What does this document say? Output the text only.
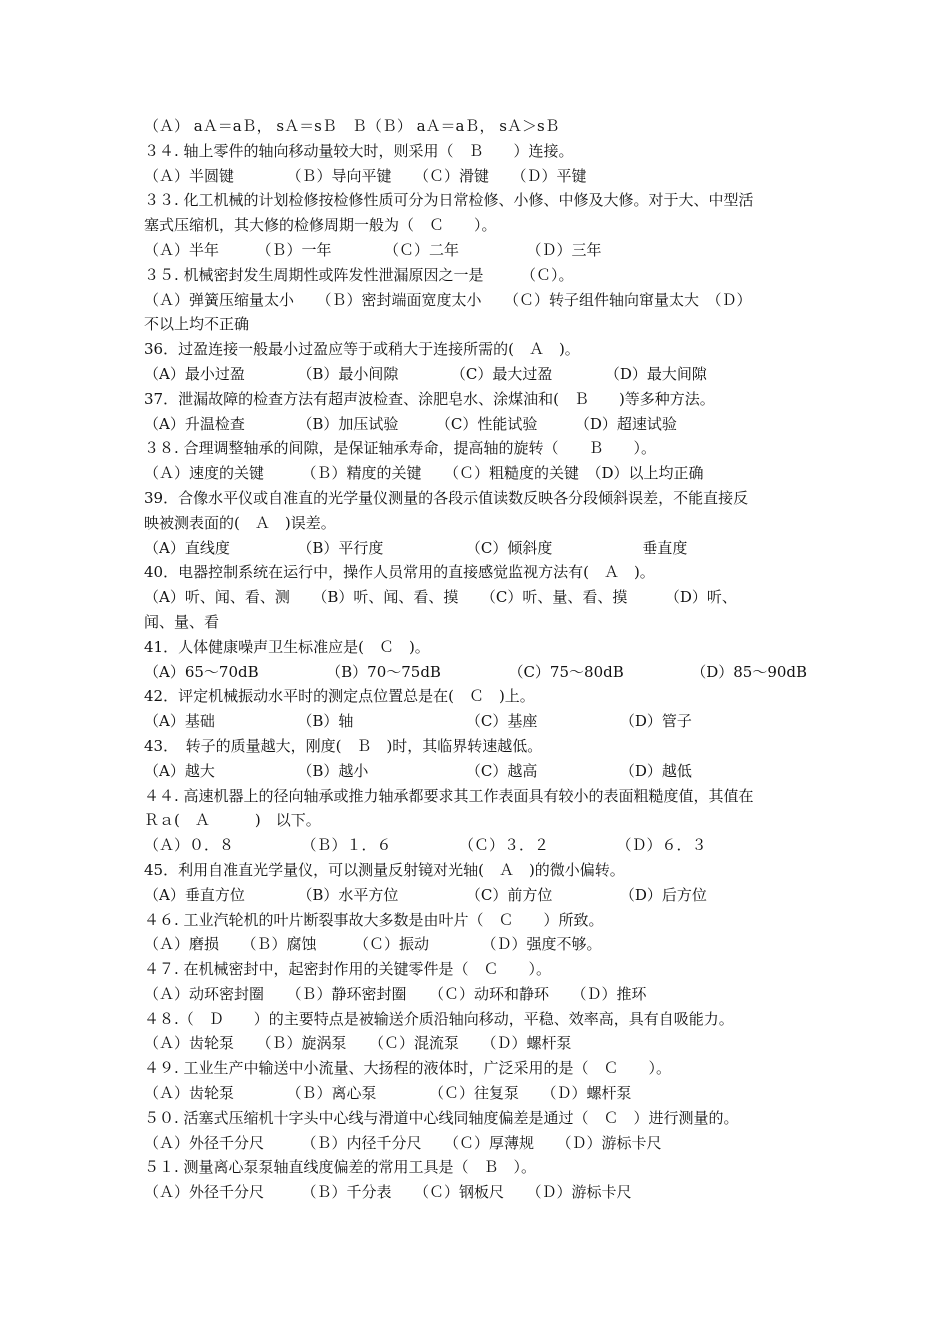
（Ａ） aＡ＝aＢ， sＡ＝sＢ　Ｂ（Ｂ） aＡ＝aＢ， sＡ＞sＢ
３４. 轴上零件的轴向移动量较大时，则采用（　Ｂ　　）连接。
（Ａ）半圆键　　　　（Ｂ）导向平键　　（Ｃ）滑键　　（Ｄ）平键
３３. 化工机械的计划检修按检修性质可分为日常检修、小修、中修及大修。对于大、中型活
塞式压缩机，其大修的检修周期一般为（　Ｃ　　）。
（Ａ）半年　　　（Ｂ）一年　　　　（Ｃ）二年　　　　　（Ｄ）三年
３５. 机械密封发生周期性或阵发性泄漏原因之一是　　　（Ｃ）。
（Ａ）弹簧压缩量太小　　（Ｂ）密封端面宽度太小　　（Ｃ）转子组件轴向窜量太大　（Ｄ）
不以上均不正确
36．过盈连接一般最小过盈应等于或稍大于连接所需的(　Ａ　)。
（A）最小过盈　　　　（B）最小间隙　　　　（C）最大过盈　　　　（D）最大间隙
37．泄漏故障的检查方法有超声波检查、涂肥皂水、涂煤油和(　Ｂ　　)等多种方法。
（A）升温检查　　　　（B）加压试验　　　（C）性能试验　　　（D）超速试验
３８. 合理调整轴承的间隙，是保证轴承寿命，提高轴的旋转（　　Ｂ　　）。
（Ａ）速度的关键　　　（Ｂ）精度的关键　　（Ｃ）粗糙度的关键　（D）以上均正确
39．合像水平仪或自准直的光学量仪测量的各段示值读数反映各分段倾斜误差，不能直接反
映被测表面的(　Ａ　)误差。
（A）直线度　　　　　（B）平行度　　　　　　（C）倾斜度　　　　　　垂直度
40．电器控制系统在运行中，操作人员常用的直接感觉监视方法有(　Ａ　)。
（A）听、闻、看、测　　（B）听、闻、看、摸　　（C）听、量、看、摸　　　（D）听、
闻、量、看
41．人体健康噪声卫生标准应是(　Ｃ　)。
（A）65～70dB　　　　　（B）70～75dB　　　　　（C）75～80dB　　　　　（D）85～90dB
42．评定机械振动水平时的测定点位置总是在(　Ｃ　)上。
（A）基础　　　　　　（B）轴　　　　　　　　（C）基座　　　　　　（D）管子
43．　转子的质量越大，刚度(　Ｂ　)时，其临界转速越低。
（A）越大　　　　　　（B）越小　　　　　　　（C）越高　　　　　　（D）越低
４４. 高速机器上的径向轴承或推力轴承都要求其工作表面具有较小的表面粗糙度值，其值在
Ｒａ(　Ａ　　　)　以下。
（Ａ）０．８　　　　　（Ｂ）１．６　　　　　（Ｃ）３．２　　　　　（Ｄ）６．３
45．利用自准直光学量仪，可以测量反射镜对光轴(　Ａ　)的微小偏转。
（A）垂直方位　　　　（B）水平方位　　　　　（C）前方位　　　　　（D）后方位
４６. 工业汽轮机的叶片断裂事故大多数是由叶片（　Ｃ　　）所致。
（Ａ）磨损　　（Ｂ）腐蚀　　　（Ｃ）振动　　　　（Ｄ）强度不够。
４７. 在机械密封中，起密封作用的关键零件是（　Ｃ　　）。
（Ａ）动环密封圈　　（Ｂ）静环密封圈　　（Ｃ）动环和静环　　（Ｄ）推环
４８.（　Ｄ　　）的主要特点是被输送介质沿轴向移动，平稳、效率高，具有自吸能力。
（Ａ）齿轮泵　　（Ｂ）旋涡泵　　（Ｃ）混流泵　　（Ｄ）螺杆泵
４９. 工业生产中输送中小流量、大扬程的液体时，广泛采用的是（　Ｃ　　）。
（Ａ）齿轮泵　　　　（Ｂ）离心泵　　　　（Ｃ）往复泵　　（Ｄ）螺杆泵
５０. 活塞式压缩机十字头中心线与滑道中心线同轴度偏差是通过（　Ｃ　）进行测量的。
（Ａ）外径千分尺　　　（Ｂ）内径千分尺　　（Ｃ）厚薄规　　（Ｄ）游标卡尺
５１. 测量离心泵泵轴直线度偏差的常用工具是（　Ｂ　）。
（Ａ）外径千分尺　　　（Ｂ）千分表　　（Ｃ）钢板尺　　（Ｄ）游标卡尺
